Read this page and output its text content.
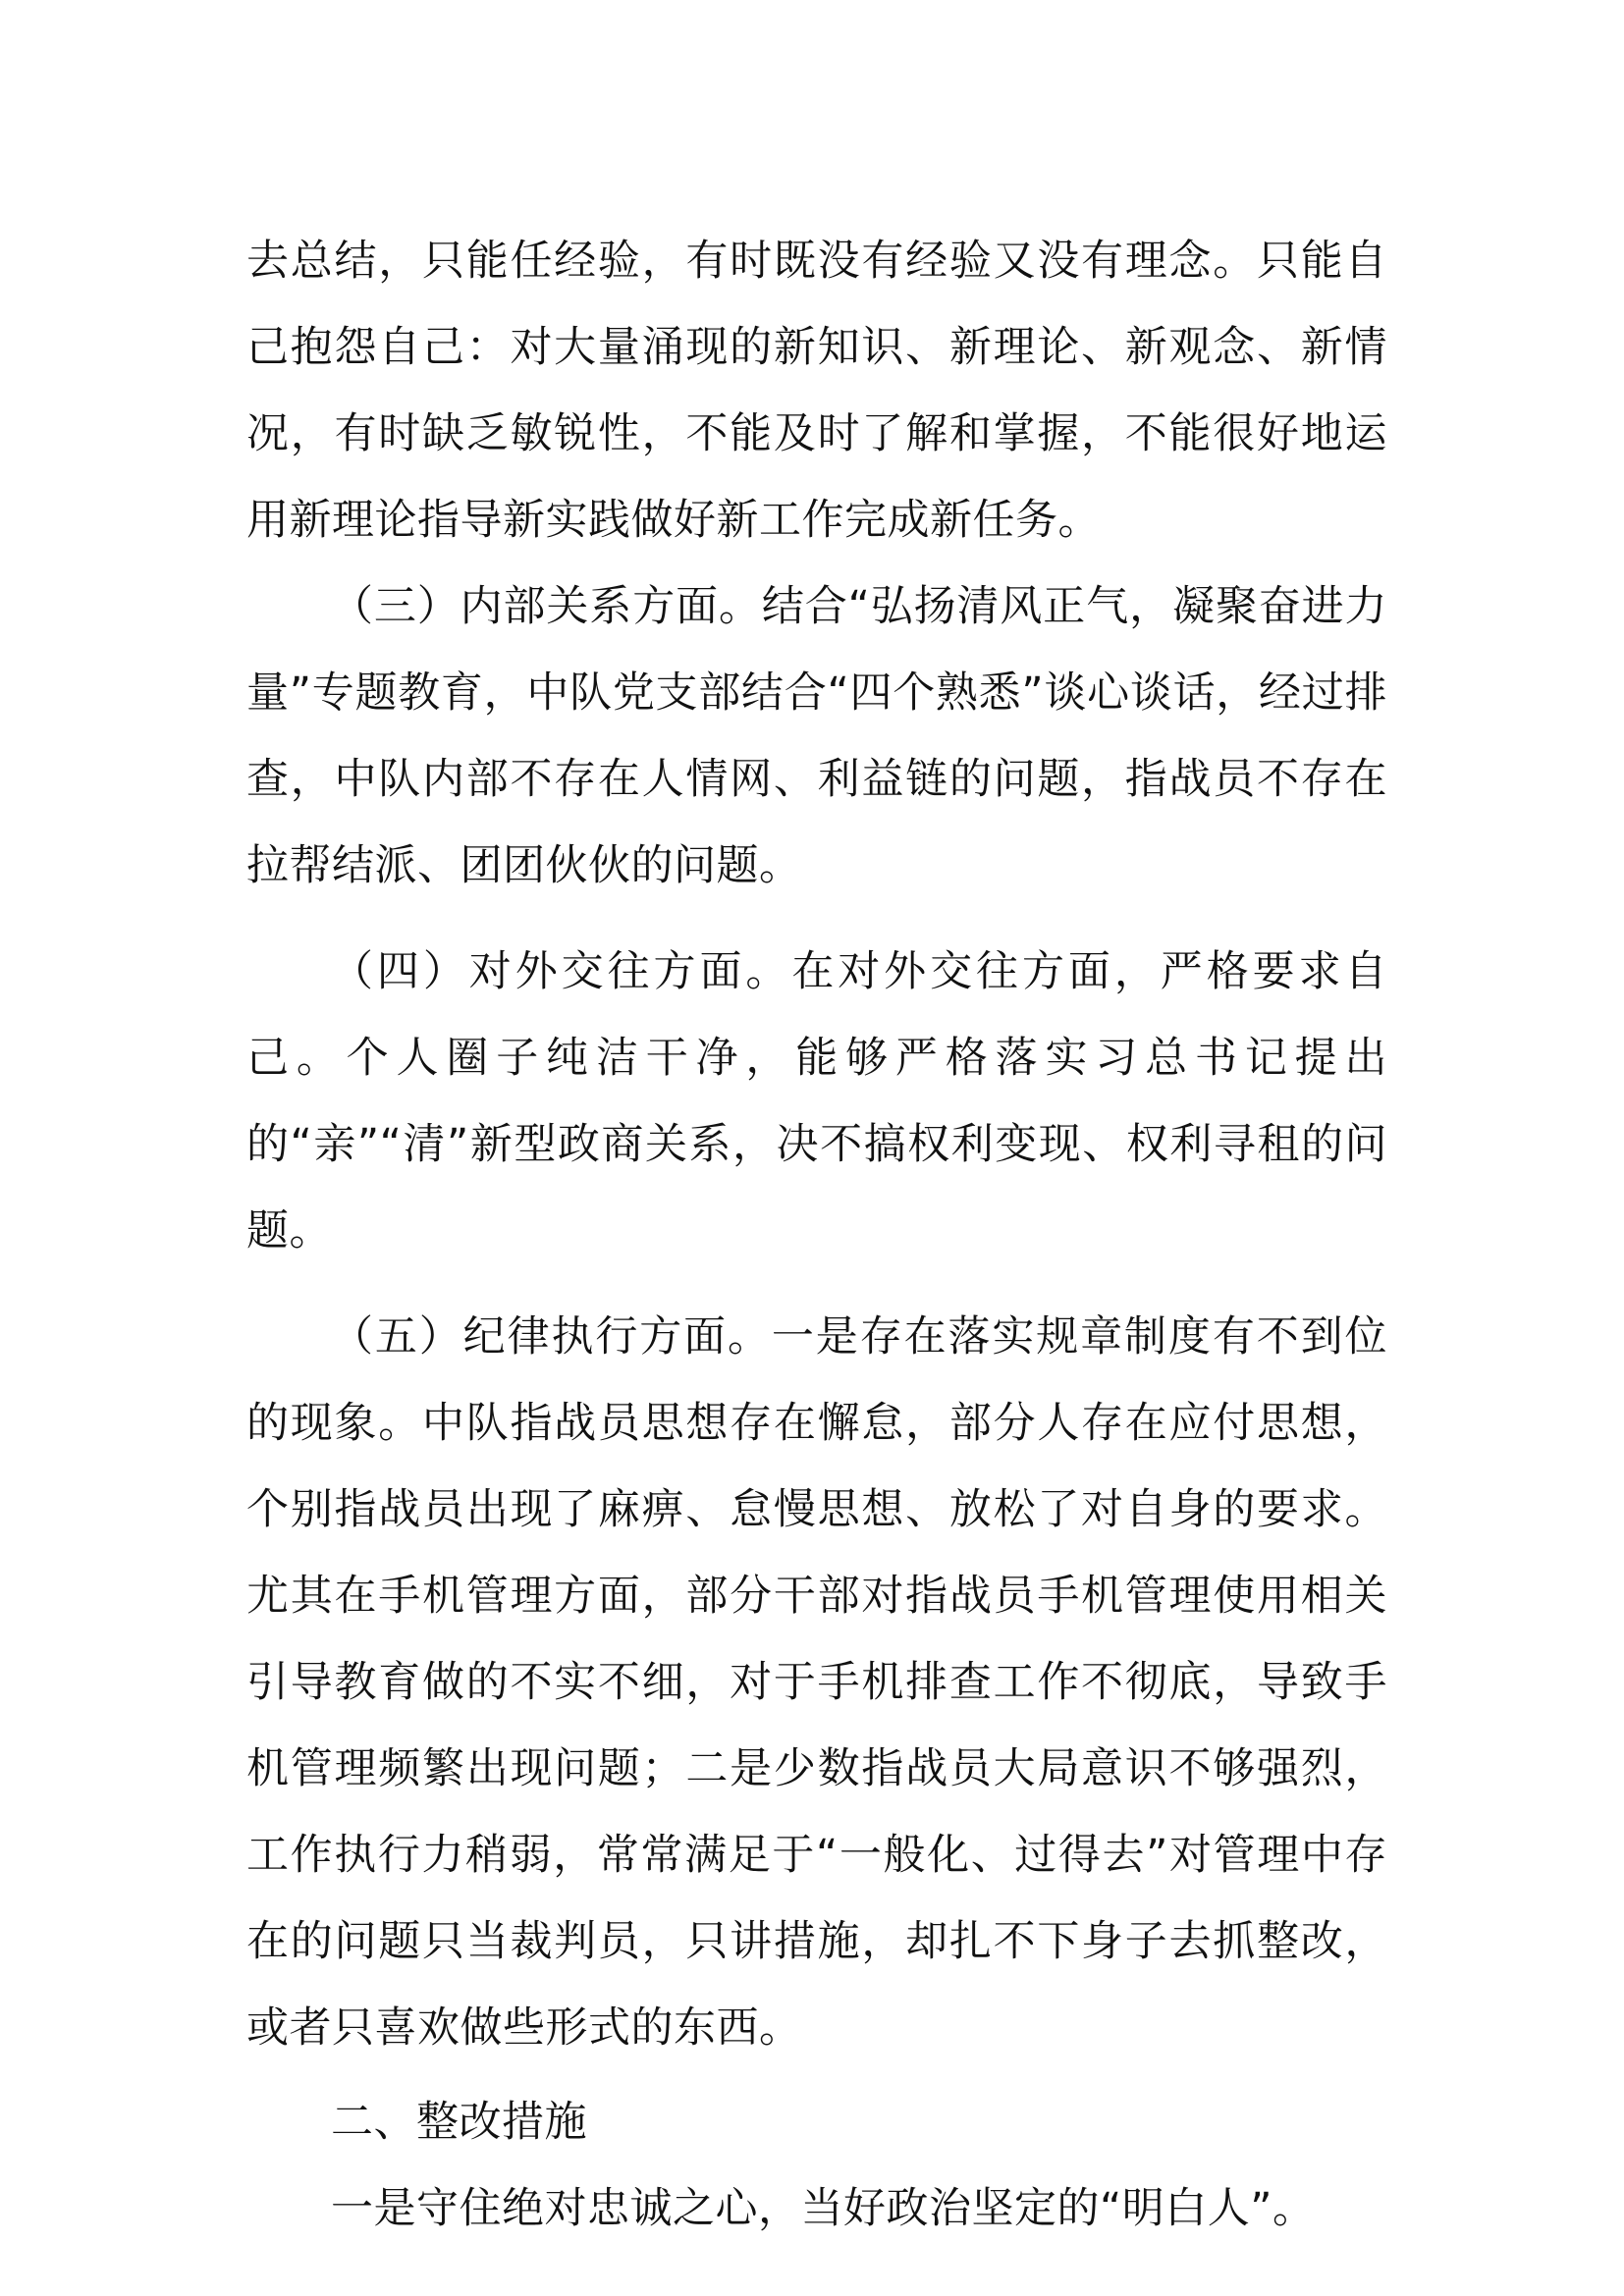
去总结，只能任经验，有时既没有经验又没有理念。只能自己抱怨自己：对大量涌现的新知识、新理论、新观念、新情况，有时缺乏敏锐性，不能及时了解和掌握，不能很好地运用新理论指导新实践做好新工作完成新任务。

（三）内部关系方面。结合“弘扬清风正气，凝聚奋进力量”专题教育，中队党支部结合“四个熟悉”谈心谈话，经过排查，中队内部不存在人情网、利益链的问题，指战员不存在拉帮结派、团团伙伙的问题。

（四）对外交往方面。在对外交往方面，严格要求自己。个人圈子纯洁干净，能够严格落实习总书记提出的“亲”“清”新型政商关系，决不搞权利变现、权利寻租的问题。

（五）纪律执行方面。一是存在落实规章制度有不到位的现象。中队指战员思想存在懈怠，部分人存在应付思想，个别指战员出现了麻痹、怠慢思想、放松了对自身的要求。尤其在手机管理方面，部分干部对指战员手机管理使用相关引导教育做的不实不细，对于手机排查工作不彻底，导致手机管理频繁出现问题；二是少数指战员大局意识不够强烈，工作执行力稍弱，常常满足于“一般化、过得去”对管理中存在的问题只当裁判员，只讲措施，却扎不下身子去抓整改，或者只喜欢做些形式的东西。

二、整改措施

一是守住绝对忠诚之心，当好政治坚定的“明白人”。
